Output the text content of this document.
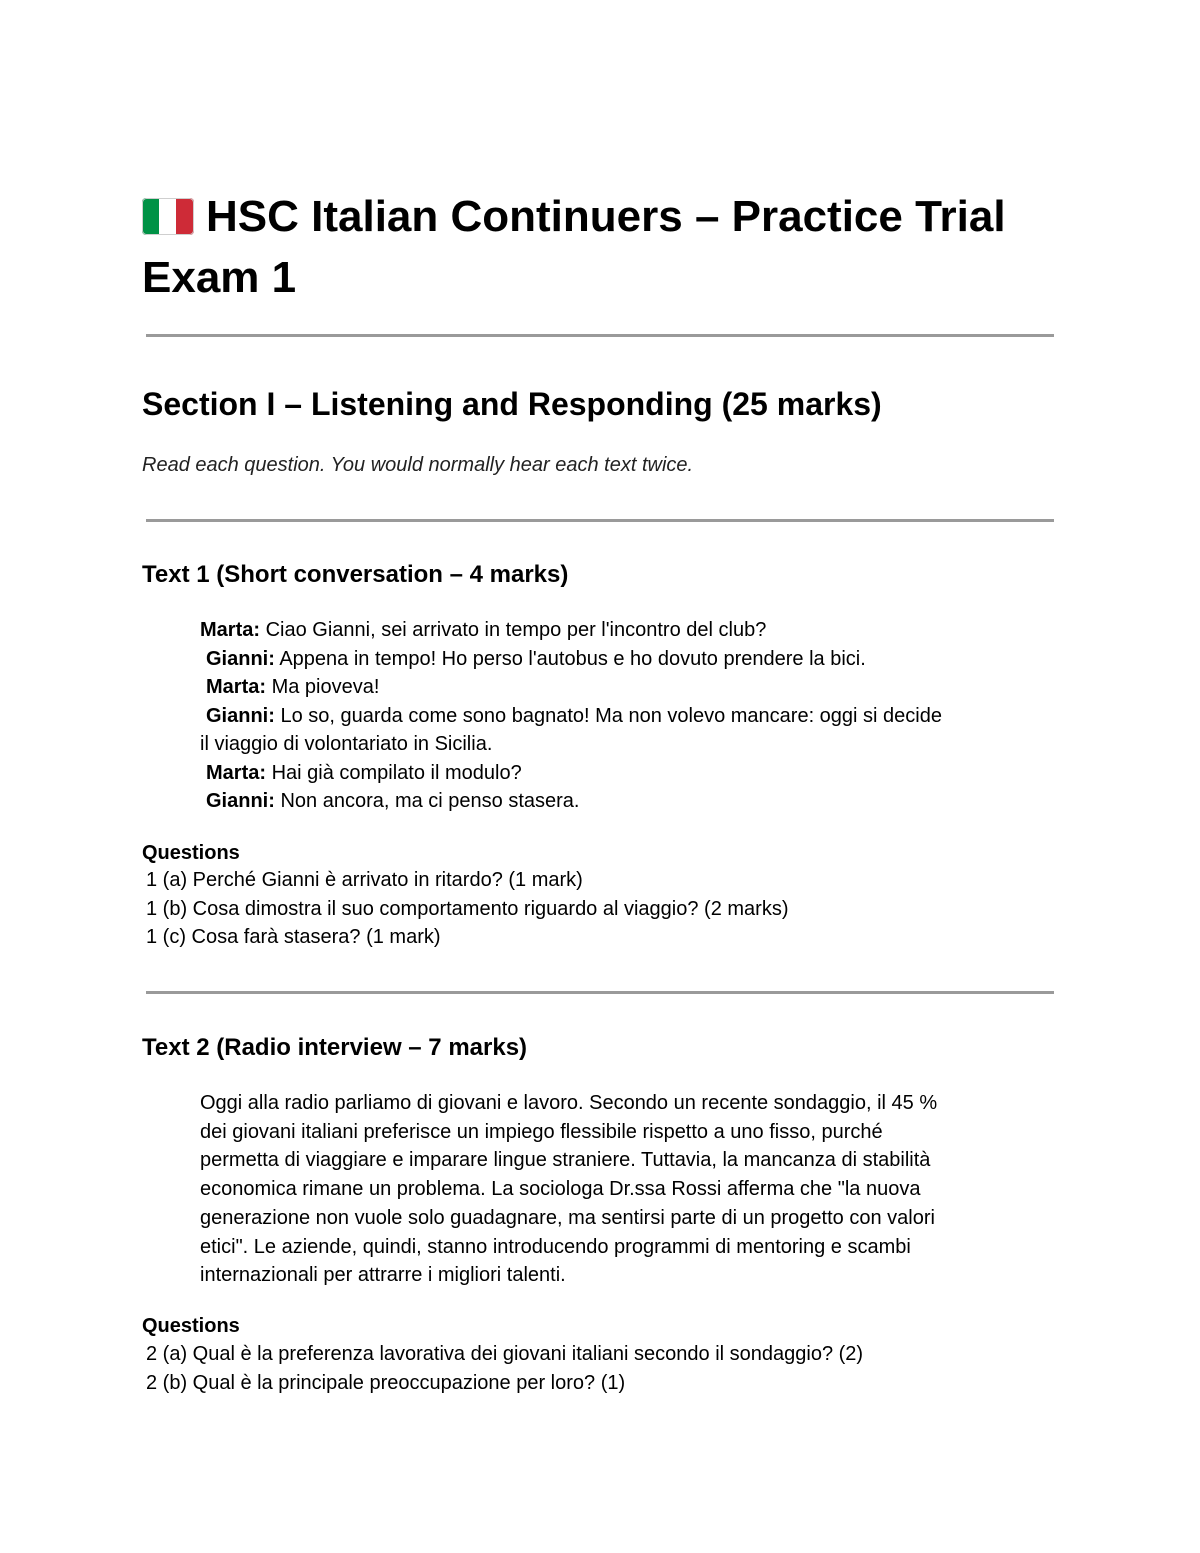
HSC Italian Continuers – Practice Trial Exam 1
Section I – Listening and Responding (25 marks)
Read each question. You would normally hear each text twice.
Text 1 (Short conversation – 4 marks)
Marta: Ciao Gianni, sei arrivato in tempo per l'incontro del club?
Gianni: Appena in tempo! Ho perso l'autobus e ho dovuto prendere la bici.
Marta: Ma pioveva!
Gianni: Lo so, guarda come sono bagnato! Ma non volevo mancare: oggi si decide
il viaggio di volontariato in Sicilia.
Marta: Hai già compilato il modulo?
Gianni: Non ancora, ma ci penso stasera.
Questions
1 (a) Perché Gianni è arrivato in ritardo? (1 mark)
1 (b) Cosa dimostra il suo comportamento riguardo al viaggio? (2 marks)
1 (c) Cosa farà stasera? (1 mark)
Text 2 (Radio interview – 7 marks)
Oggi alla radio parliamo di giovani e lavoro. Secondo un recente sondaggio, il 45 %
dei giovani italiani preferisce un impiego flessibile rispetto a uno fisso, purché
permetta di viaggiare e imparare lingue straniere. Tuttavia, la mancanza di stabilità
economica rimane un problema. La sociologa Dr.ssa Rossi afferma che "la nuova
generazione non vuole solo guadagnare, ma sentirsi parte di un progetto con valori
etici". Le aziende, quindi, stanno introducendo programmi di mentoring e scambi
internazionali per attrarre i migliori talenti.
Questions
2 (a) Qual è la preferenza lavorativa dei giovani italiani secondo il sondaggio? (2)
2 (b) Qual è la principale preoccupazione per loro? (1)
